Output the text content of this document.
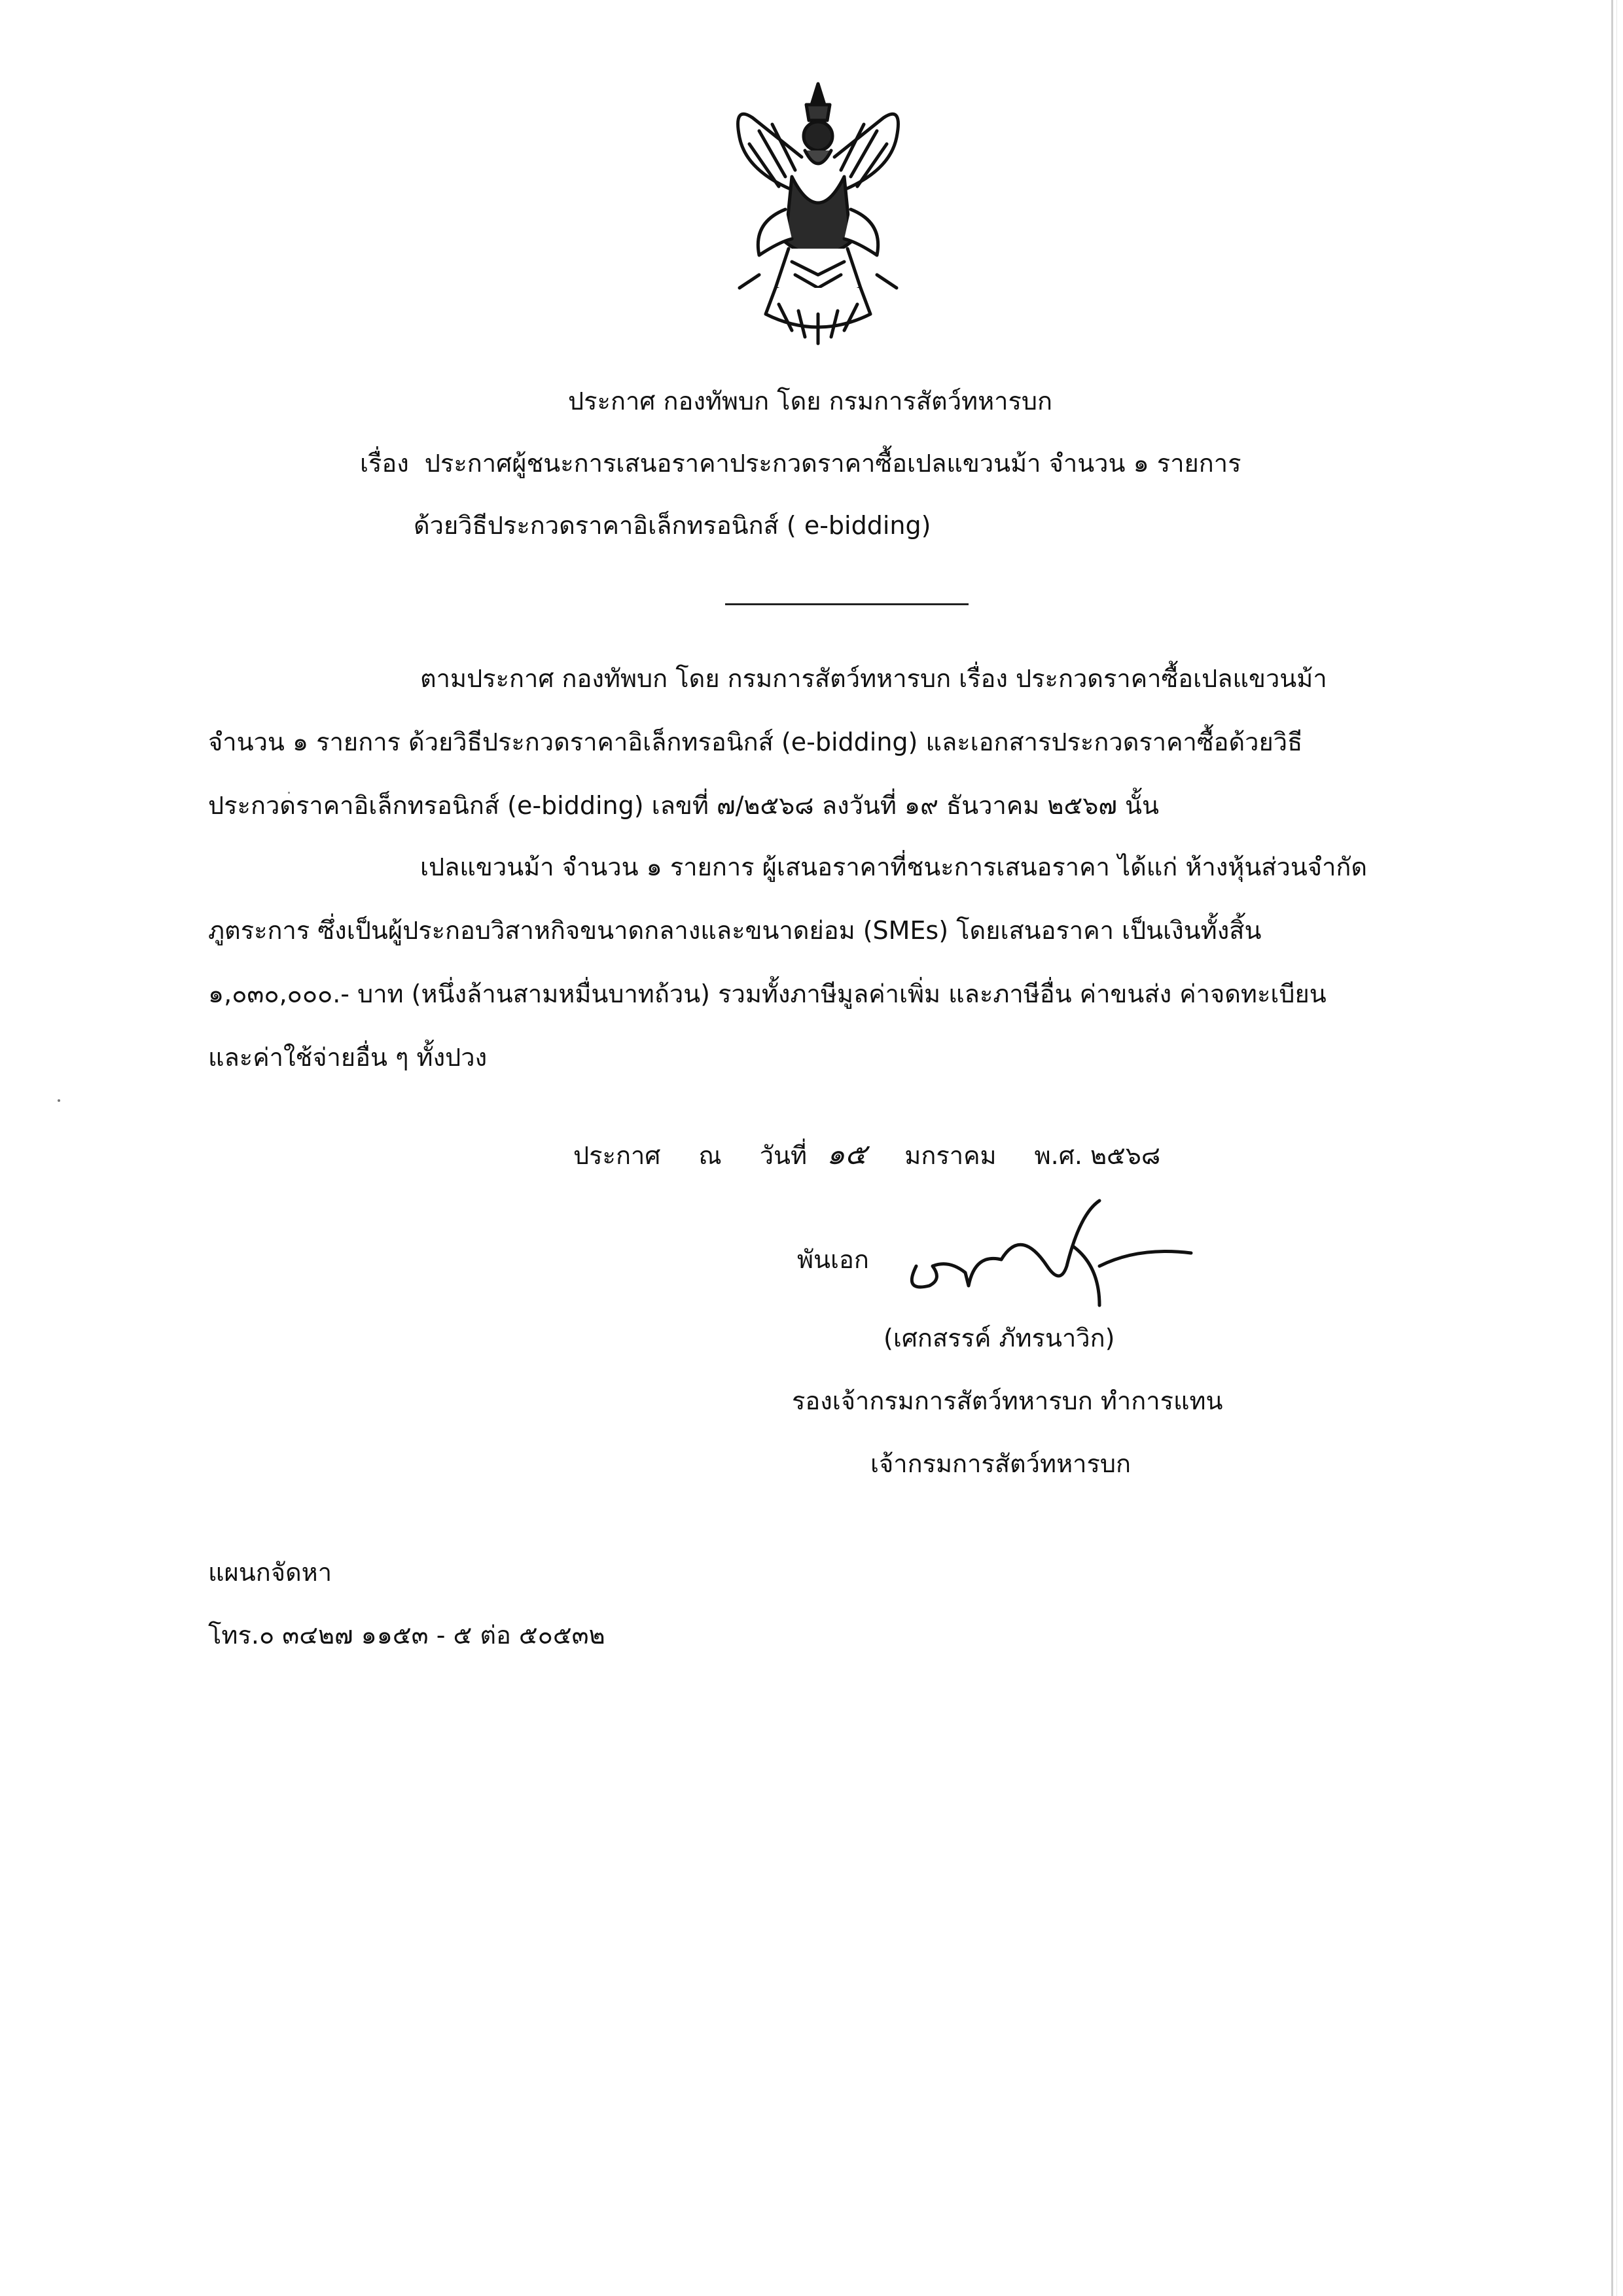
ประกาศ กองทัพบก โดย กรมการสัตว์ทหารบก
เรื่อง ประกาศผู้ชนะการเสนอราคาประกวดราคาซื้อเปลแขวนม้า จำนวน ๑ รายการ
ด้วยวิธีประกวดราคาอิเล็กทรอนิกส์ ( e-bidding)
ตามประกาศ กองทัพบก โดย กรมการสัตว์ทหารบก เรื่อง ประกวดราคาซื้อเปลแขวนม้า
จำนวน ๑ รายการ ด้วยวิธีประกวดราคาอิเล็กทรอนิกส์ (e-bidding) และเอกสารประกวดราคาซื้อด้วยวิธี
ประกวดราคาอิเล็กทรอนิกส์ (e-bidding) เลขที่ ๗/๒๕๖๘ ลงวันที่ ๑๙ ธันวาคม ๒๕๖๗ นั้น
เปลแขวนม้า จำนวน ๑ รายการ ผู้เสนอราคาที่ชนะการเสนอราคา ได้แก่ ห้างหุ้นส่วนจำกัด
ภูตระการ ซึ่งเป็นผู้ประกอบวิสาหกิจขนาดกลางและขนาดย่อม (SMEs) โดยเสนอราคา เป็นเงินทั้งสิ้น
๑,๐๓๐,๐๐๐.- บาท (หนึ่งล้านสามหมื่นบาทถ้วน) รวมทั้งภาษีมูลค่าเพิ่ม และภาษีอื่น ค่าขนส่ง ค่าจดทะเบียน
และค่าใช้จ่ายอื่น ๆ ทั้งปวง
ประกาศ ณ วันที่ ๑๕ มกราคม พ.ศ. ๒๕๖๘
พันเอก
(เศกสรรค์ ภัทรนาวิก)
รองเจ้ากรมการสัตว์ทหารบก ทำการแทน
เจ้ากรมการสัตว์ทหารบก
แผนกจัดหา
โทร.๐ ๓๔๒๗ ๑๑๕๓ - ๕ ต่อ ๕๐๕๓๒
